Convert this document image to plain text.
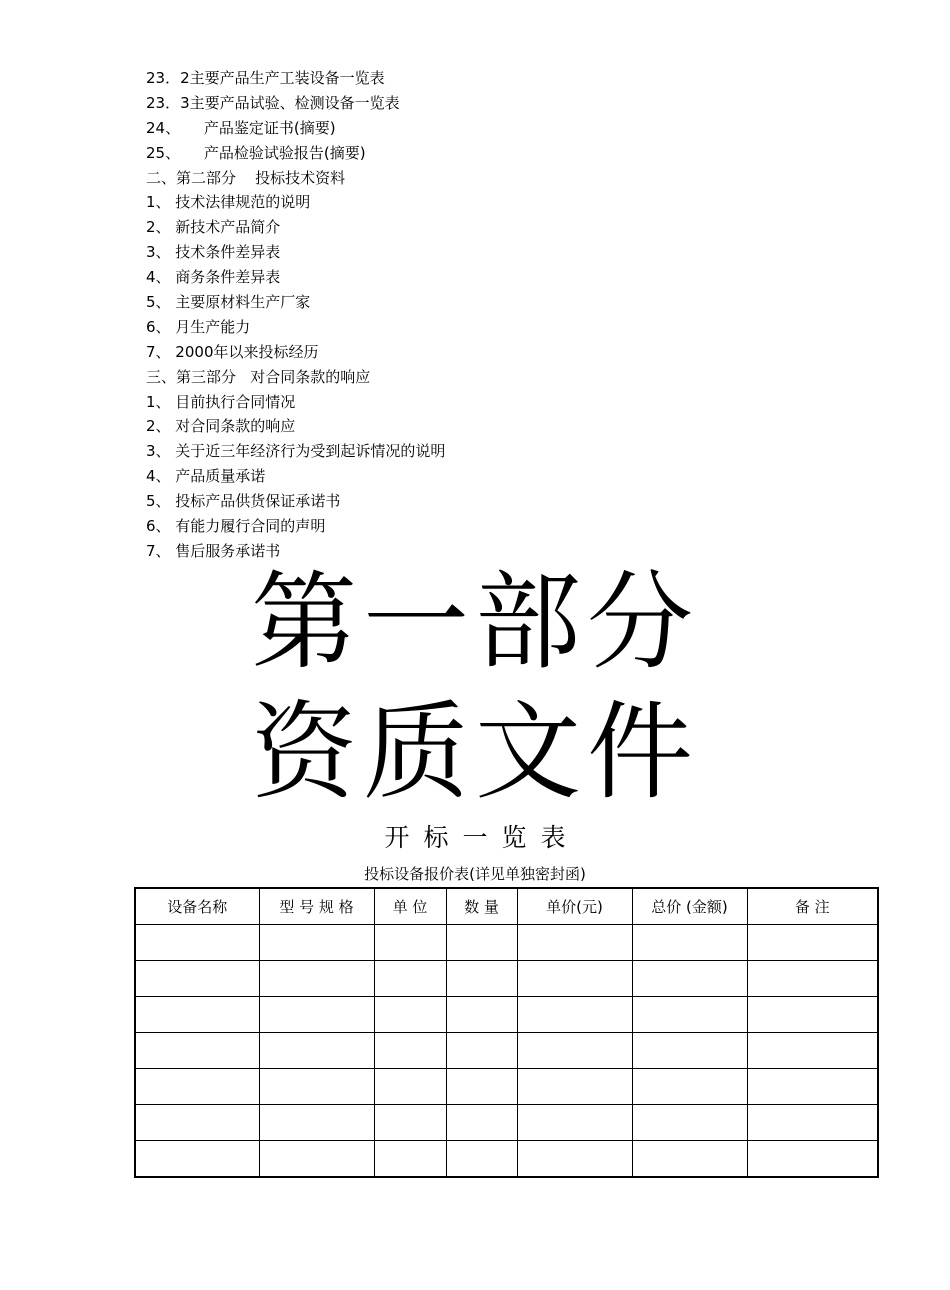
23．2主要产品生产工装设备一览表
23．3主要产品试验、检测设备一览表
24、     产品鉴定证书(摘要)
25、     产品检验试验报告(摘要)
二、第二部分    投标技术资料
1、 技术法律规范的说明
2、 新技术产品简介
3、 技术条件差异表
4、 商务条件差异表
5、 主要原材料生产厂家
6、 月生产能力
7、 2000年以来投标经历
三、第三部分   对合同条款的响应
1、 目前执行合同情况
2、 对合同条款的响应
3、 关于近三年经济行为受到起诉情况的说明
4、 产品质量承诺
5、 投标产品供货保证承诺书
6、 有能力履行合同的声明
7、 售后服务承诺书
第一部分
资质文件
开标一览表
投标设备报价表(详见单独密封函)
设备名称	型 号 规 格	单 位	数 量	单价(元)	总价 (金额)	备 注
